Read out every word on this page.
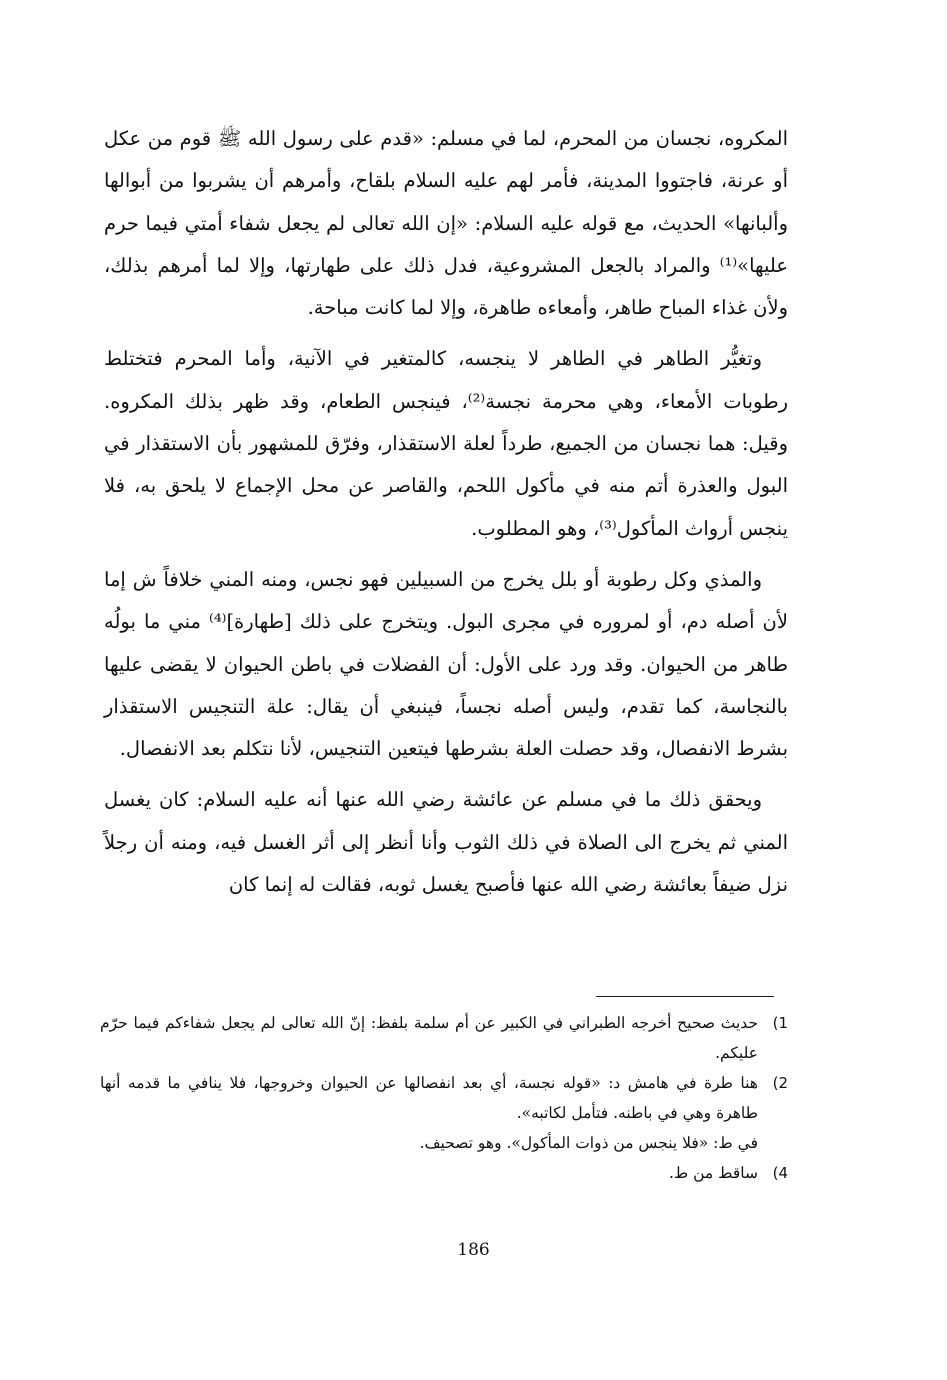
المكروه، نجسان من المحرم، لما في مسلم: «قدم على رسول الله ﷺ قوم من عكل أو عرنة، فاجتووا المدينة، فأمر لهم عليه السلام بلقاح، وأمرهم أن يشربوا من أبوالها وألبانها» الحديث، مع قوله عليه السلام: «إن الله تعالى لم يجعل شفاء أمتي فيما حرم عليها»⁽¹⁾ والمراد بالجعل المشروعية، فدل ذلك على طهارتها، وإلا لما أمرهم بذلك، ولأن غذاء المباح طاهر، وأمعاءه طاهرة، وإلا لما كانت مباحة.

وتغيُّر الطاهر في الطاهر لا ينجسه، كالمتغير في الآنية، وأما المحرم فتختلط رطوبات الأمعاء، وهي محرمة نجسة⁽²⁾، فينجس الطعام، وقد ظهر بذلك المكروه. وقيل: هما نجسان من الجميع، طرداً لعلة الاستقذار، وفرّق للمشهور بأن الاستقذار في البول والعذرة أتم منه في مأكول اللحم، والقاصر عن محل الإجماع لا يلحق به، فلا ينجس أرواث المأكول⁽³⁾، وهو المطلوب.

والمذي وكل رطوبة أو بلل يخرج من السبيلين فهو نجس، ومنه المني خلافاً ش إما لأن أصله دم، أو لمروره في مجرى البول. ويتخرج على ذلك [طهارة]⁽⁴⁾ مني ما بولُه طاهر من الحيوان. وقد ورد على الأول: أن الفضلات في باطن الحيوان لا يقضى عليها بالنجاسة، كما تقدم، وليس أصله نجساً، فينبغي أن يقال: علة التنجيس الاستقذار بشرط الانفصال، وقد حصلت العلة بشرطها فيتعين التنجيس، لأنا نتكلم بعد الانفصال.

ويحقق ذلك ما في مسلم عن عائشة رضي الله عنها أنه عليه السلام: كان يغسل المني ثم يخرج الى الصلاة في ذلك الثوب وأنا أنظر إلى أثر الغسل فيه، ومنه أن رجلاً نزل ضيفاً بعائشة رضي الله عنها فأصبح يغسل ثوبه، فقالت له إنما كان

1)
حديث صحيح أخرجه الطبراني في الكبير عن أم سلمة بلفظ: إنّ الله تعالى لم يجعل شفاءكم فيما حرّم عليكم.
2)
هنا طرة في هامش د: «قوله نجسة، أي بعد انفصالها عن الحيوان وخروجها، فلا ينافي ما قدمه أنها طاهرة وهي في باطنه. فتأمل لكاتبه».
في ط: «فلا ينجس من ذوات المأكول». وهو تصحيف.
4)
ساقط من ط.
186
